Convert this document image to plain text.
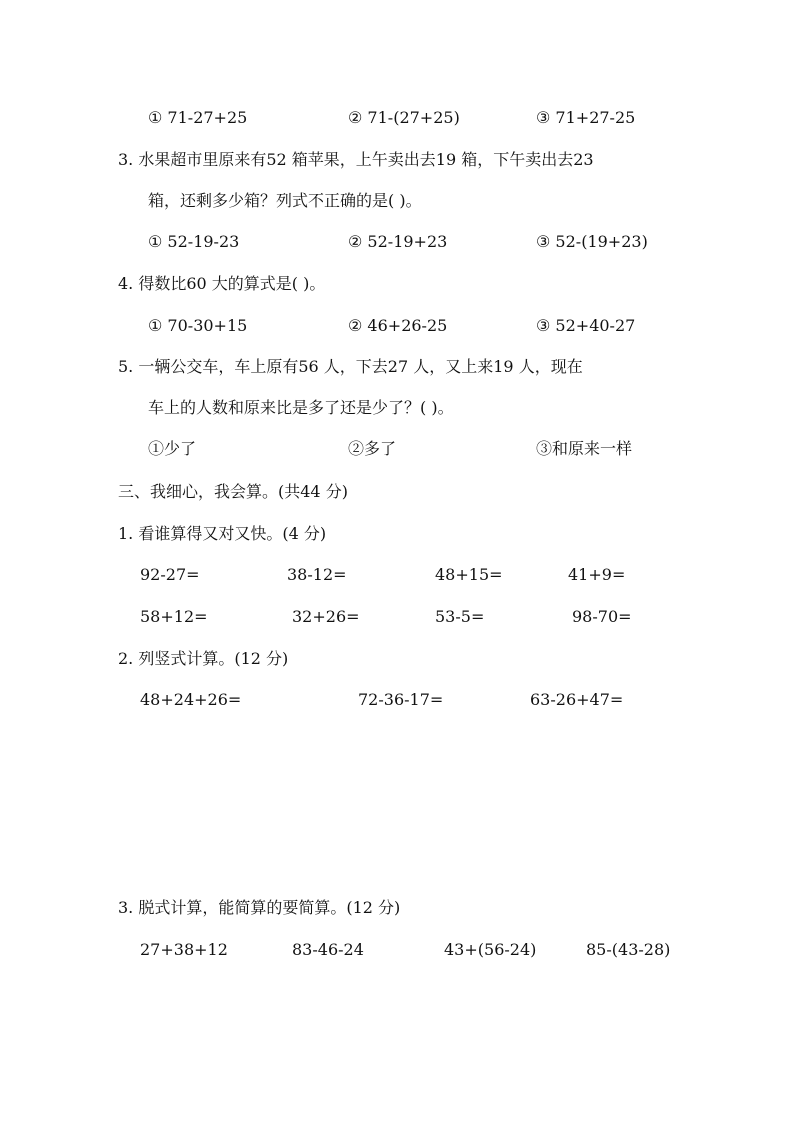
① 71-27+25	② 71-(27+25)	③ 71+27-25
3. 水果超市里原来有52 箱苹果，上午卖出去19 箱，下午卖出去23
箱，还剩多少箱？列式不正确的是( )。
① 52-19-23	② 52-19+23	③ 52-(19+23)
4. 得数比60 大的算式是( )。
① 70-30+15	② 46+26-25	③ 52+40-27
5. 一辆公交车，车上原有56 人，下去27 人，又上来19 人，现在
车上的人数和原来比是多了还是少了？( )。
①少了	②多了	③和原来一样
三、我细心，我会算。(共44 分)
1. 看谁算得又对又快。(4 分)
92-27=	38-12=	48+15=	41+9=
58+12=	32+26=	53-5=	98-70=
2. 列竖式计算。(12 分)
48+24+26=	72-36-17=	63-26+47=
3. 脱式计算，能简算的要简算。(12 分)
27+38+12	83-46-24	43+(56-24)	85-(43-28)
